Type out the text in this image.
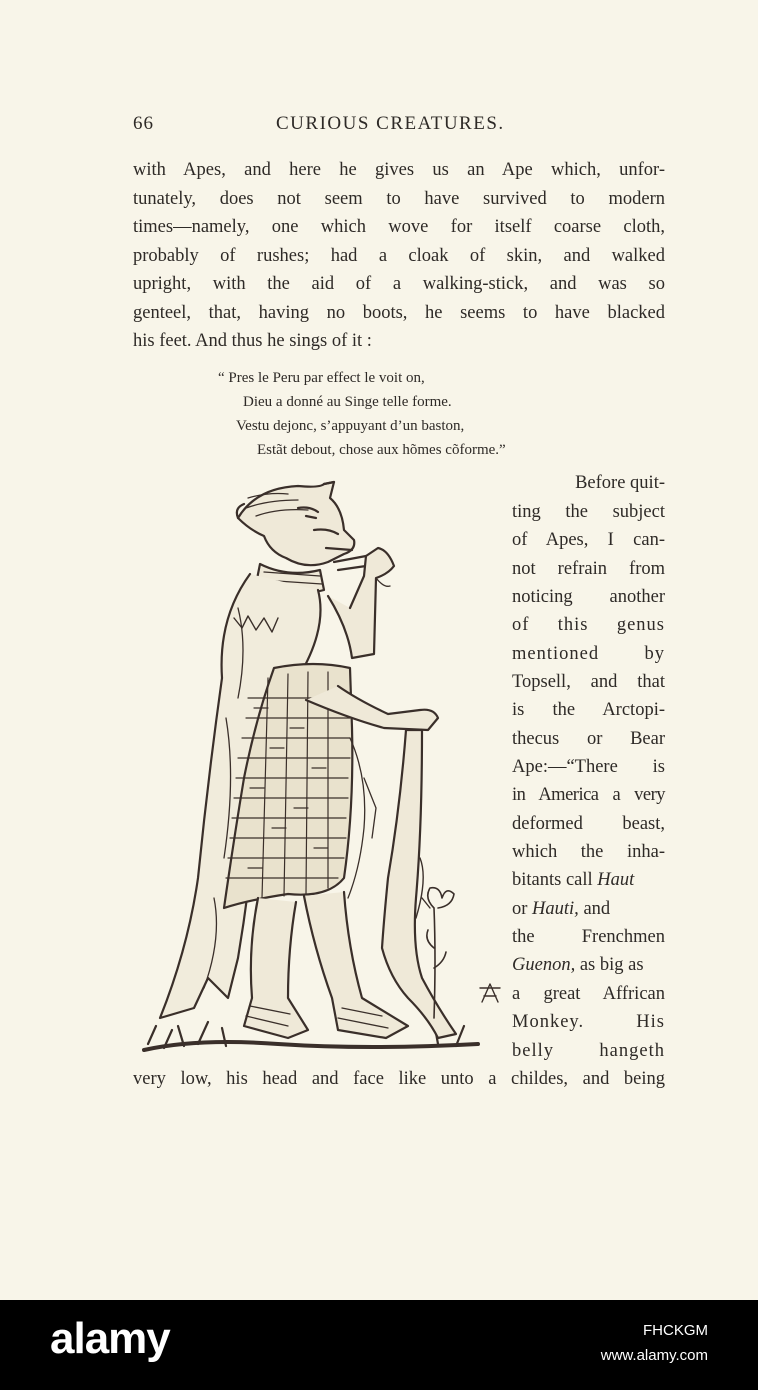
66	CURIOUS CREATURES.
with Apes, and here he gives us an Ape which, unfor-
tunately, does not seem to have survived to modern
times—namely, one which wove for itself coarse cloth,
probably of rushes; had a cloak of skin, and walked
upright, with the aid of a walking-stick, and was so
genteel, that, having no boots, he seems to have blacked
his feet. And thus he sings of it :
“ Pres le Peru par effect le voit on,
Dieu a donné au Singe telle forme.
Vestu dejonc, s’appuyant d’un baston,
Estãt debout, chose aux hõmes cõforme.”
Before quit-
ting the subject
of Apes, I can-
not refrain from
noticing another
of this genus
mentioned by
Topsell, and that
is the Arctopi-
thecus or Bear
Ape:—“There is
in America a very
deformed beast,
which the inha-
bitants call Haut
or Hauti, and
the Frenchmen
Guenon, as big as
a great Affrican
Monkey. His
belly hangeth
very low, his head and face like unto a childes, and being
alamy	FHCKGM
www.alamy.com
